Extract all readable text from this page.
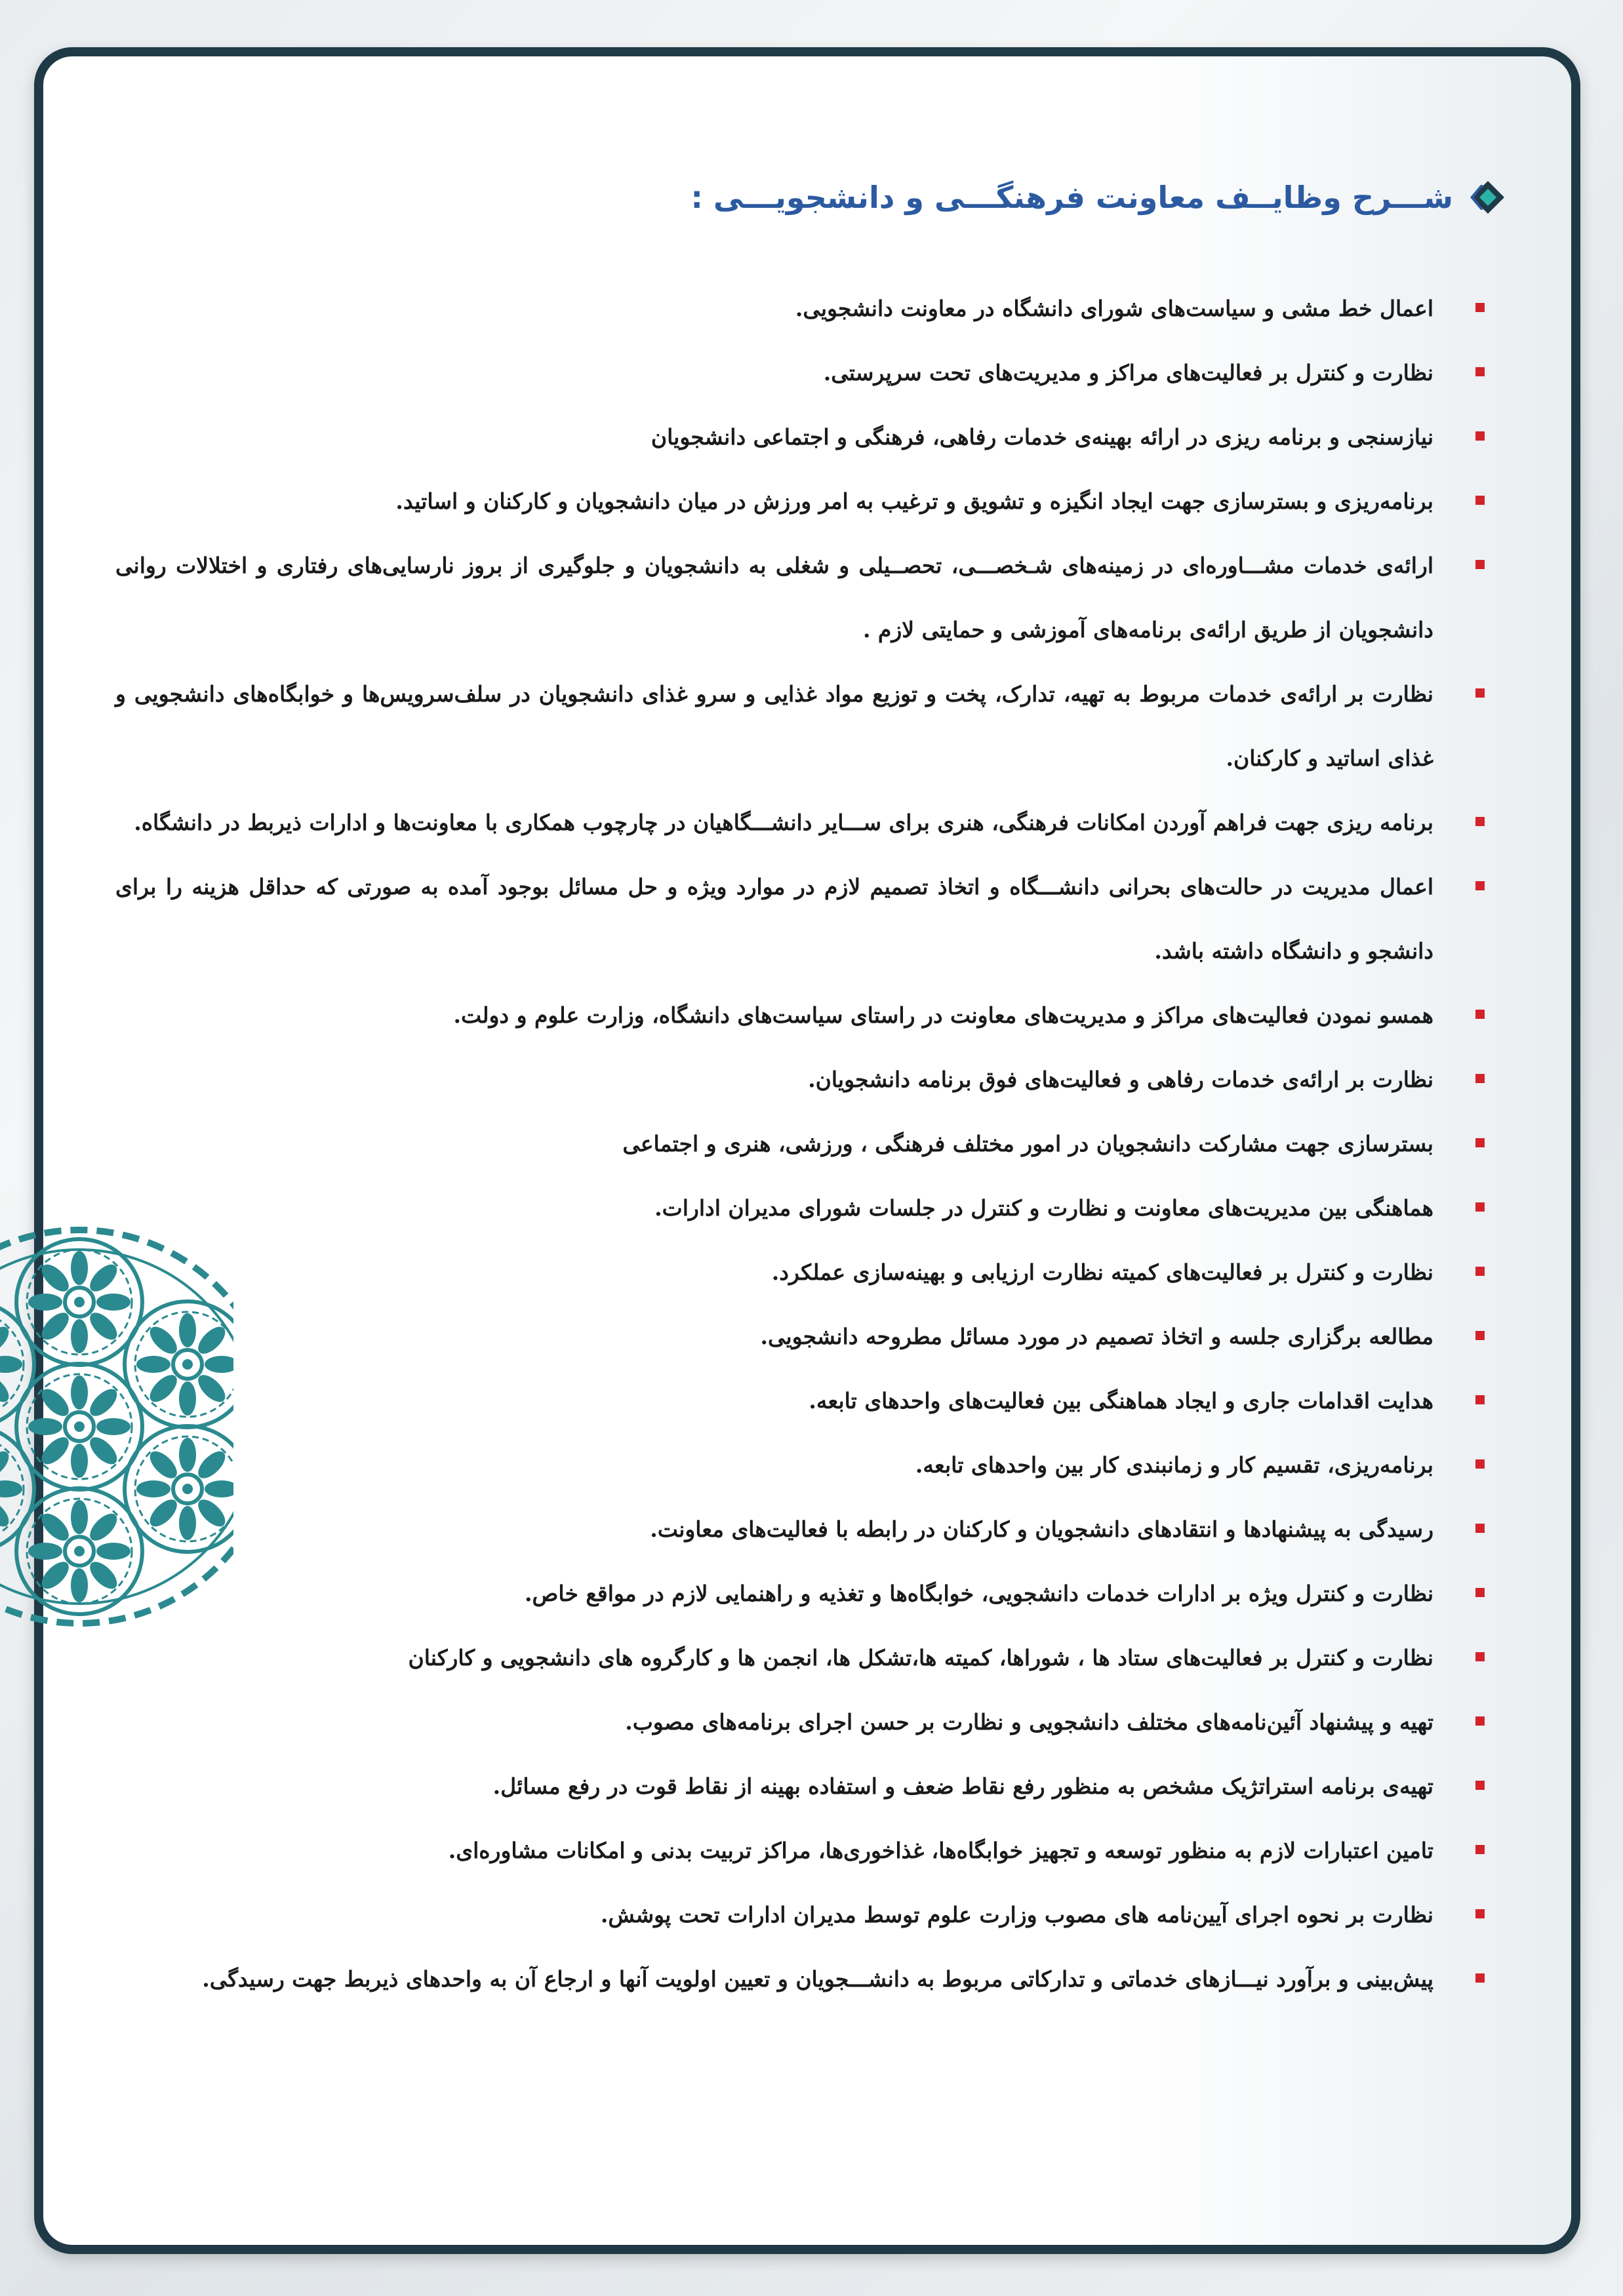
شـــرح وظایــف معاونت فرهنگـــی و دانشجویـــی :
اعمال خط مشی و سیاست‌های شورای دانشگاه در معاونت دانشجویی.
نظارت و کنترل بر فعالیت‌های مراکز و مدیریت‌های تحت سرپرستی.
نیازسنجی و برنامه ریزی در ارائه بهینه‌ی خدمات رفاهی، فرهنگی و اجتماعی دانشجویان
برنامه‌ریزی و بسترسازی جهت ایجاد انگیزه و تشویق و ترغیب به امر ورزش در میان دانشجویان و کارکنان و اساتید.
ارائه‌ی خدمات مشـــاوره‌ای در زمینه‌های شـخصـــی، تحصــیلی و شغلی به دانشجویان و جلوگیری از بروز نارسایی‌های رفتاری و اختلالات روانی دانشجویان از طریق ارائه‌ی برنامه‌های آموزشی و حمایتی لازم .
نظارت بر ارائه‌ی خدمات مربوط به تهیه، تدارک، پخت و توزیع مواد غذایی و سرو غذای دانشجویان در سلف‌سرویس‌ها و خوابگاه‌های دانشجویی و غذای اساتید و کارکنان.
برنامه ریزی جهت فراهم آوردن امکانات فرهنگی، هنری برای ســـایر دانشـــگاهیان در چارچوب همکاری با معاونت‌ها و ادارات ذیربط در دانشگاه.
اعمال مدیریت در حالت‌های بحرانی دانشـــگاه و اتخاذ تصمیم لازم در موارد ویژه و حل مسائل بوجود آمده به صورتی که حداقل هزینه را برای دانشجو و دانشگاه داشته باشد.
همسو نمودن فعالیت‌های مراکز و مدیریت‌های معاونت در راستای سیاست‌های دانشگاه، وزارت علوم و دولت.
نظارت بر ارائه‌ی خدمات رفاهی و فعالیت‌های فوق برنامه دانشجویان.
بسترسازی جهت مشارکت دانشجویان در امور مختلف فرهنگی ، ورزشی، هنری و اجتماعی
هماهنگی بین مدیریت‌های معاونت و نظارت و کنترل در جلسات شورای مدیران ادارات.
نظارت و کنترل بر فعالیت‌های کمیته نظارت ارزیابی و بهینه‌سازی عملکرد.
مطالعه برگزاری جلسه و اتخاذ تصمیم در مورد مسائل مطروحه دانشجویی.
هدایت اقدامات جاری و ایجاد هماهنگی بین فعالیت‌های واحدهای تابعه.
برنامه‌ریزی، تقسیم کار و زمانبندی کار بین واحدهای تابعه.
رسیدگی به پیشنهادها و انتقادهای دانشجویان و کارکنان در رابطه با فعالیت‌های معاونت.
نظارت و کنترل ویژه بر ادارات خدمات دانشجویی، خوابگاه‌ها و تغذیه و راهنمایی لازم در مواقع خاص.
نظارت و کنترل بر فعالیت‌های ستاد ها ، شوراها، کمیته ها،تشکل ها، انجمن ها و کارگروه های دانشجویی و کارکنان
تهیه و پیشنهاد آئین‌نامه‌های مختلف دانشجویی و نظارت بر حسن اجرای برنامه‌های مصوب.
تهیه‌ی برنامه استراتژیک مشخص به منظور رفع نقاط ضعف و استفاده بهینه از نقاط قوت در رفع مسائل.
تامین اعتبارات لازم به منظور توسعه و تجهیز خوابگاه‌ها، غذاخوری‌ها، مراکز تربیت بدنی و امکانات مشاوره‌ای.
نظارت بر نحوه اجرای آیین‌نامه های مصوب وزارت علوم توسط مدیران ادارات تحت پوشش.
پیش‌بینی و برآورد نیـــازهای خدماتی و تدارکاتی مربوط به دانشـــجویان و تعیین اولویت آنها و ارجاع آن به واحدهای ذیربط جهت رسیدگی.
